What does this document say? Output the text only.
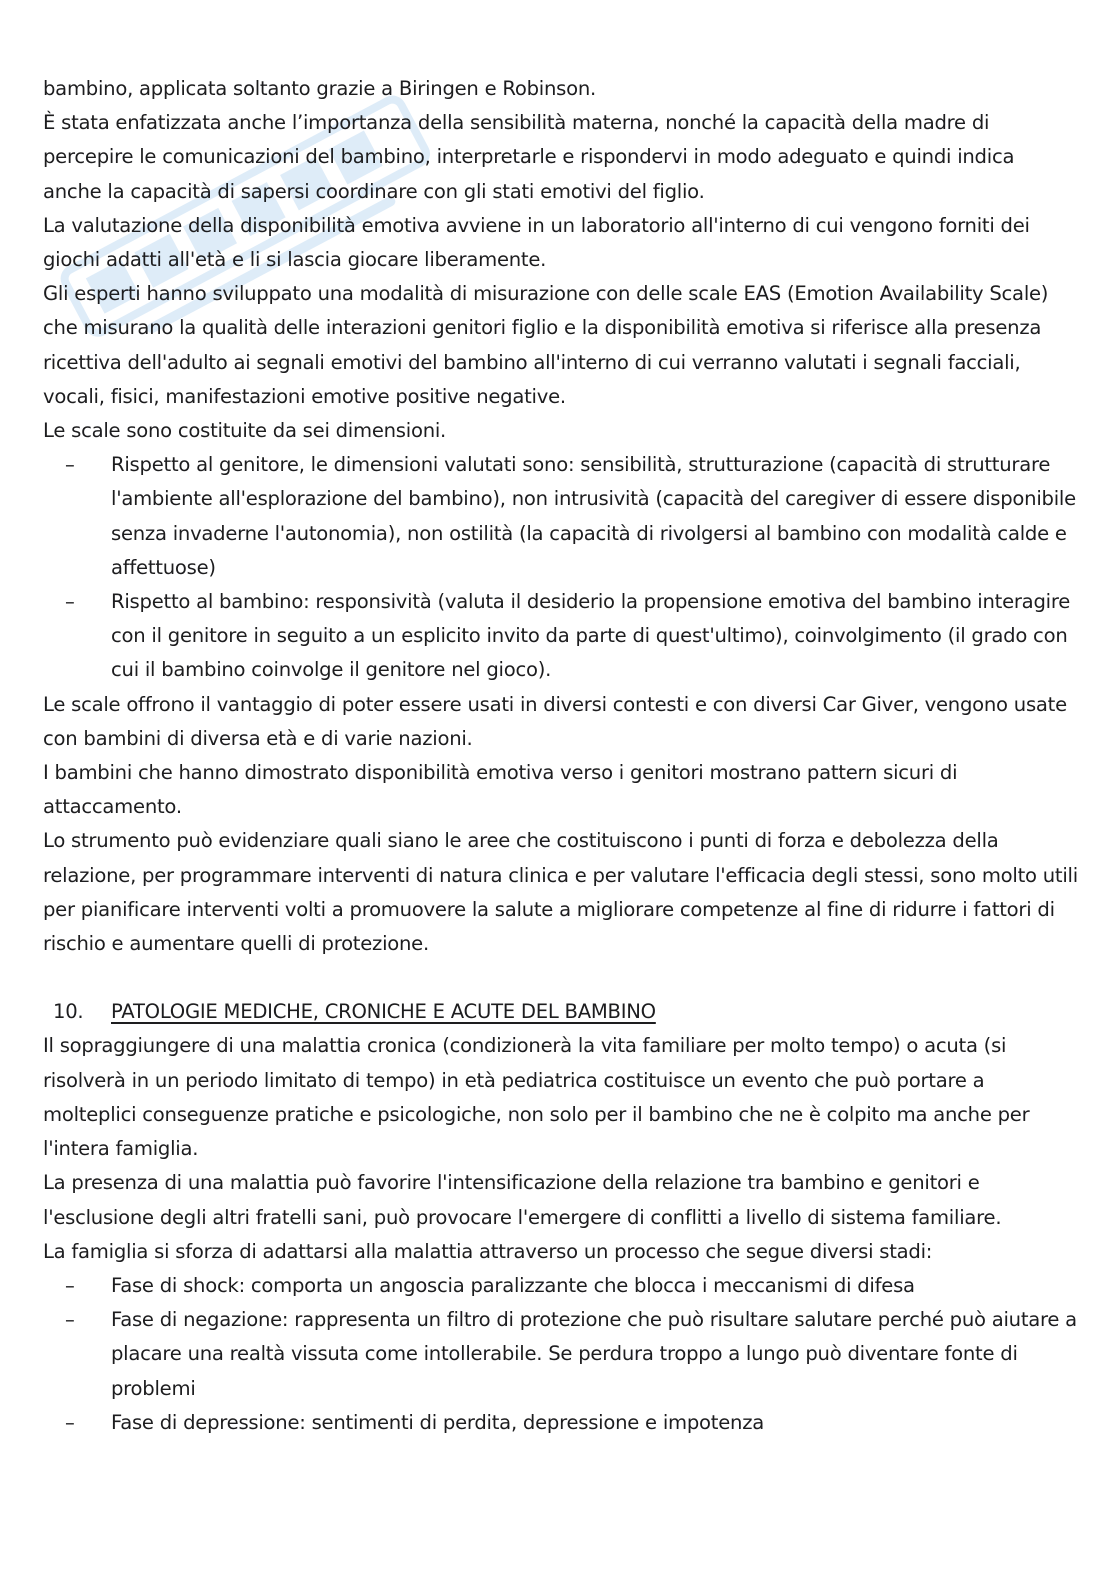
bambino, applicata soltanto grazie a Biringen e Robinson.

È stata enfatizzata anche l’importanza della sensibilità materna, nonché la capacità della madre di percepire le comunicazioni del bambino, interpretarle e rispondervi in modo adeguato e quindi indica anche la capacità di sapersi coordinare con gli stati emotivi del figlio.

La valutazione della disponibilità emotiva avviene in un laboratorio all'interno di cui vengono forniti dei giochi adatti all'età e li si lascia giocare liberamente.

Gli esperti hanno sviluppato una modalità di misurazione con delle scale EAS (Emotion Availability Scale) che misurano la qualità delle interazioni genitori figlio e la disponibilità emotiva si riferisce alla presenza ricettiva dell'adulto ai segnali emotivi del bambino all'interno di cui verranno valutati i segnali facciali, vocali, fisici, manifestazioni emotive positive negative.

Le scale sono costituite da sei dimensioni.

–	Rispetto al genitore, le dimensioni valutati sono: sensibilità, strutturazione (capacità di strutturare l'ambiente all'esplorazione del bambino), non intrusività (capacità del caregiver di essere disponibile senza invaderne l'autonomia), non ostilità (la capacità di rivolgersi al bambino con modalità calde e affettuose)

–	Rispetto al bambino: responsività (valuta il desiderio la propensione emotiva del bambino interagire con il genitore in seguito a un esplicito invito da parte di quest'ultimo), coinvolgimento (il grado con cui il bambino coinvolge il genitore nel gioco).

Le scale offrono il vantaggio di poter essere usati in diversi contesti e con diversi Car Giver, vengono usate con bambini di diversa età e di varie nazioni.

I bambini che hanno dimostrato disponibilità emotiva verso i genitori mostrano pattern sicuri di attaccamento.

Lo strumento può evidenziare quali siano le aree che costituiscono i punti di forza e debolezza della relazione, per programmare interventi di natura clinica e per valutare l'efficacia degli stessi, sono molto utili per pianificare interventi volti a promuovere la salute a migliorare competenze al fine di ridurre i fattori di rischio e aumentare quelli di protezione.

10. PATOLOGIE MEDICHE, CRONICHE E ACUTE DEL BAMBINO

Il sopraggiungere di una malattia cronica (condizionerà la vita familiare per molto tempo) o acuta (si risolverà in un periodo limitato di tempo) in età pediatrica costituisce un evento che può portare a molteplici conseguenze pratiche e psicologiche, non solo per il bambino che ne è colpito ma anche per l'intera famiglia.

La presenza di una malattia può favorire l'intensificazione della relazione tra bambino e genitori e l'esclusione degli altri fratelli sani, può provocare l'emergere di conflitti a livello di sistema familiare.

La famiglia si sforza di adattarsi alla malattia attraverso un processo che segue diversi stadi:

–	Fase di shock: comporta un angoscia paralizzante che blocca i meccanismi di difesa

–	Fase di negazione: rappresenta un filtro di protezione che può risultare salutare perché può aiutare a placare una realtà vissuta come intollerabile. Se perdura troppo a lungo può diventare fonte di problemi

–	Fase di depressione: sentimenti di perdita, depressione e impotenza
